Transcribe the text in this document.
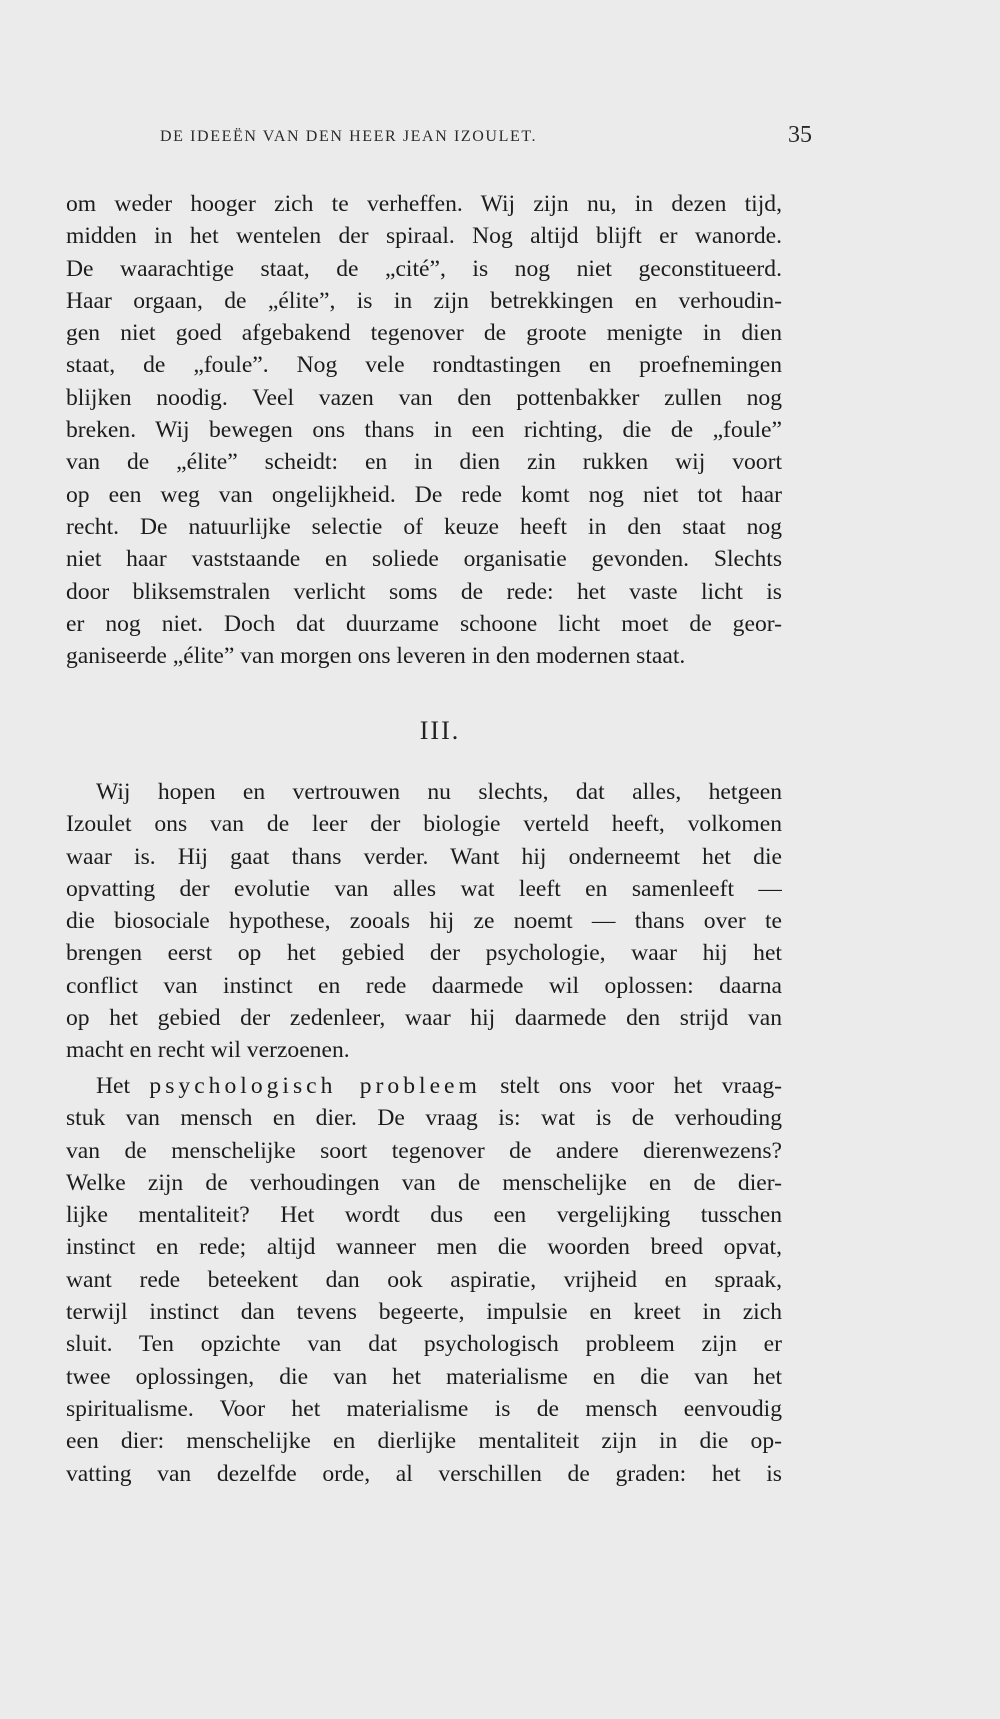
DE IDEEËN VAN DEN HEER JEAN IZOULET.	35
om weder hooger zich te verheffen. Wij zijn nu, in dezen tijd,
midden in het wentelen der spiraal. Nog altijd blijft er wanorde.
De waarachtige staat, de „cité”, is nog niet geconstitueerd.
Haar orgaan, de „élite”, is in zijn betrekkingen en verhoudin-
gen niet goed afgebakend tegenover de groote menigte in dien
staat, de „foule”. Nog vele rondtastingen en proefnemingen
blijken noodig. Veel vazen van den pottenbakker zullen nog
breken. Wij bewegen ons thans in een richting, die de „foule”
van de „élite” scheidt: en in dien zin rukken wij voort
op een weg van ongelijkheid. De rede komt nog niet tot haar
recht. De natuurlijke selectie of keuze heeft in den staat nog
niet haar vaststaande en soliede organisatie gevonden. Slechts
door bliksemstralen verlicht soms de rede: het vaste licht is
er nog niet. Doch dat duurzame schoone licht moet de geor-
ganiseerde „élite” van morgen ons leveren in den modernen staat.
III.
Wij hopen en vertrouwen nu slechts, dat alles, hetgeen
Izoulet ons van de leer der biologie verteld heeft, volkomen
waar is. Hij gaat thans verder. Want hij onderneemt het die
opvatting der evolutie van alles wat leeft en samenleeft —
die biosociale hypothese, zooals hij ze noemt — thans over te
brengen eerst op het gebied der psychologie, waar hij het
conflict van instinct en rede daarmede wil oplossen: daarna
op het gebied der zedenleer, waar hij daarmede den strijd van
macht en recht wil verzoenen.
Het psychologisch probleem stelt ons voor het vraag-
stuk van mensch en dier. De vraag is: wat is de verhouding
van de menschelijke soort tegenover de andere dierenwezens?
Welke zijn de verhoudingen van de menschelijke en de dier-
lijke mentaliteit? Het wordt dus een vergelijking tusschen
instinct en rede; altijd wanneer men die woorden breed opvat,
want rede beteekent dan ook aspiratie, vrijheid en spraak,
terwijl instinct dan tevens begeerte, impulsie en kreet in zich
sluit. Ten opzichte van dat psychologisch probleem zijn er
twee oplossingen, die van het materialisme en die van het
spiritualisme. Voor het materialisme is de mensch eenvoudig
een dier: menschelijke en dierlijke mentaliteit zijn in die op-
vatting van dezelfde orde, al verschillen de graden: het is
